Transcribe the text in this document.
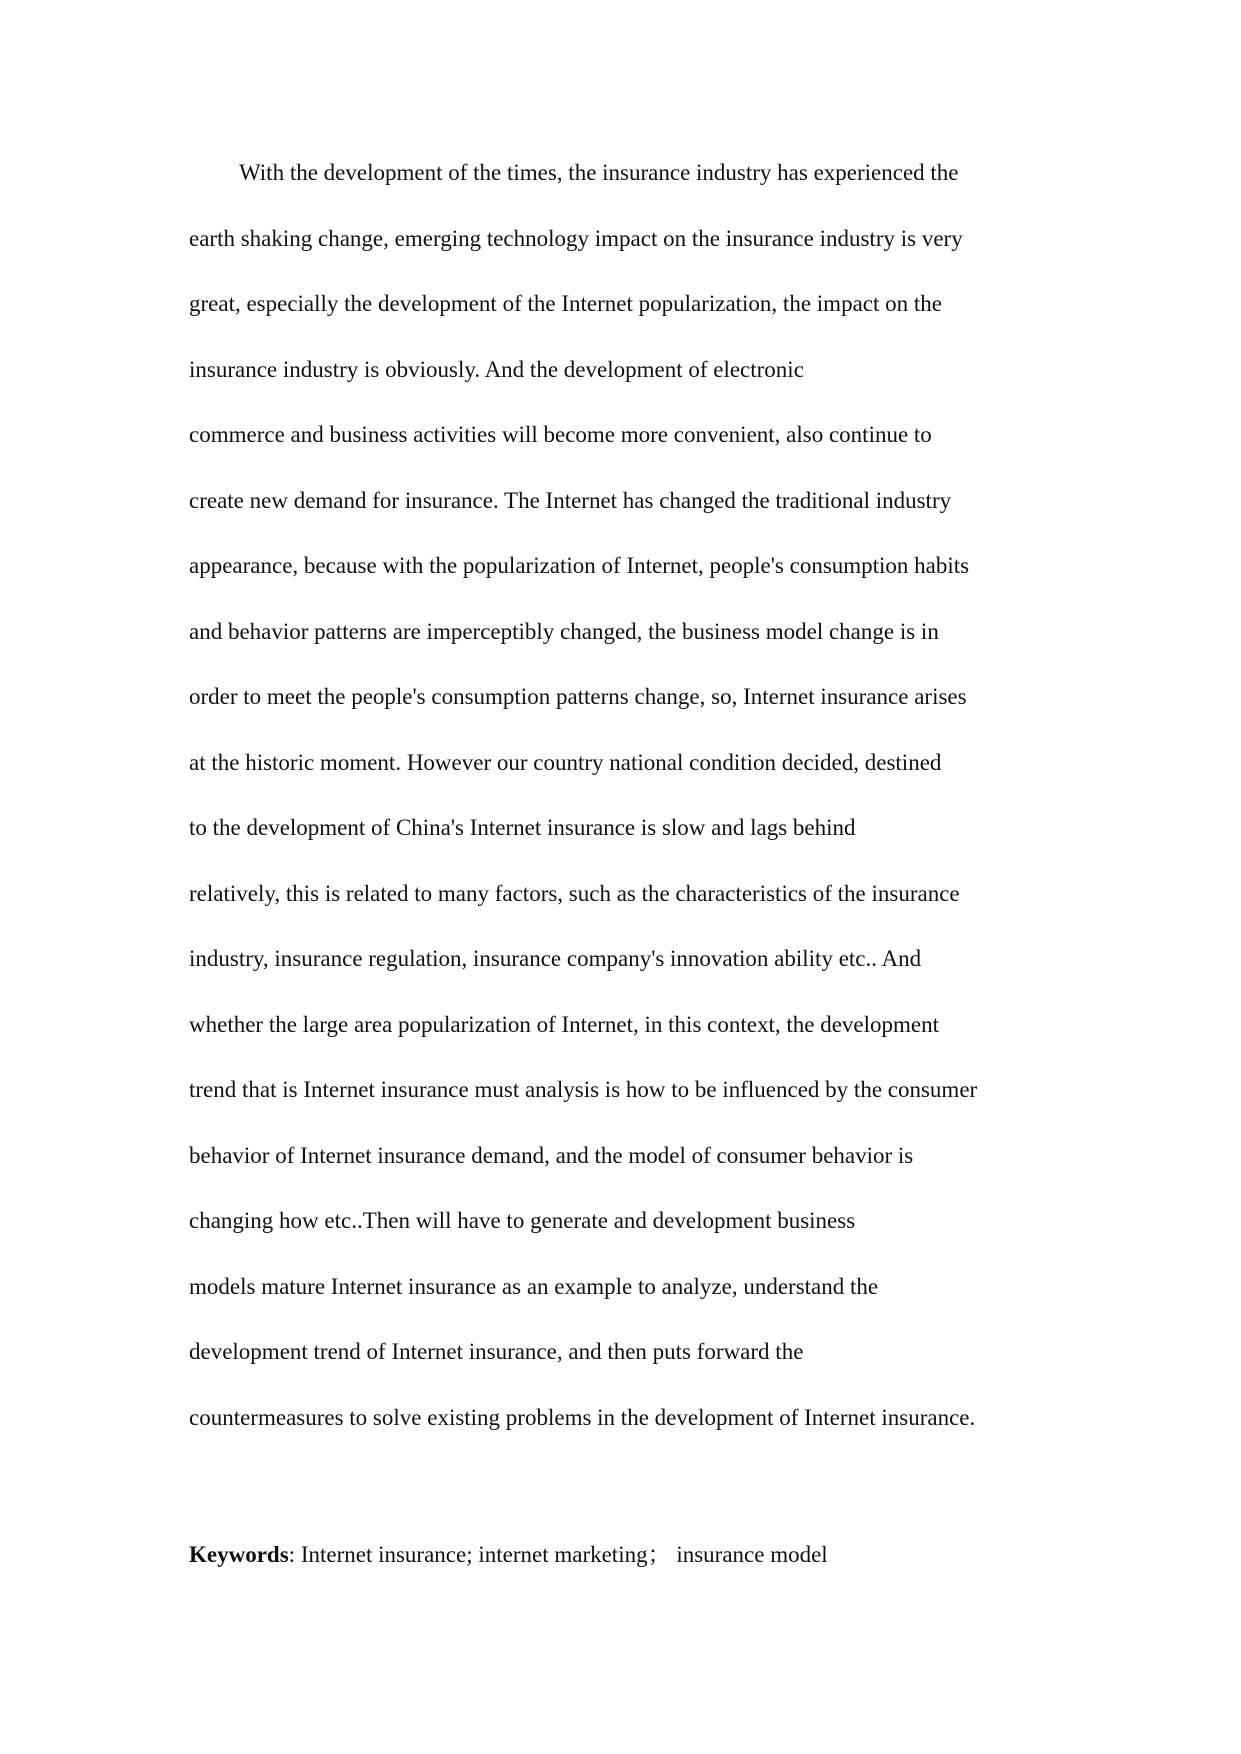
With the development of the times, the insurance industry has experienced the
earth shaking change, emerging technology impact on the insurance industry is very
great, especially the development of the Internet popularization, the impact on the
insurance industry is obviously. And the development of electronic
commerce and business activities will become more convenient, also continue to
create new demand for insurance. The Internet has changed the traditional industry
appearance, because with the popularization of Internet, people's consumption habits
and behavior patterns are imperceptibly changed, the business model change is in
order to meet the people's consumption patterns change, so, Internet insurance arises
at the historic moment. However our country national condition decided, destined
to the development of China's Internet insurance is slow and lags behind
relatively, this is related to many factors, such as the characteristics of the insurance
industry, insurance regulation, insurance company's innovation ability etc.. And
whether the large area popularization of Internet, in this context, the development
trend that is Internet insurance must analysis is how to be influenced by the consumer
behavior of Internet insurance demand, and the model of consumer behavior is
changing how etc..Then will have to generate and development business
models mature Internet insurance as an example to analyze, understand the
development trend of Internet insurance, and then puts forward the
countermeasures to solve existing problems in the development of Internet insurance.
Keywords: Internet insurance; internet marketing； insurance model
